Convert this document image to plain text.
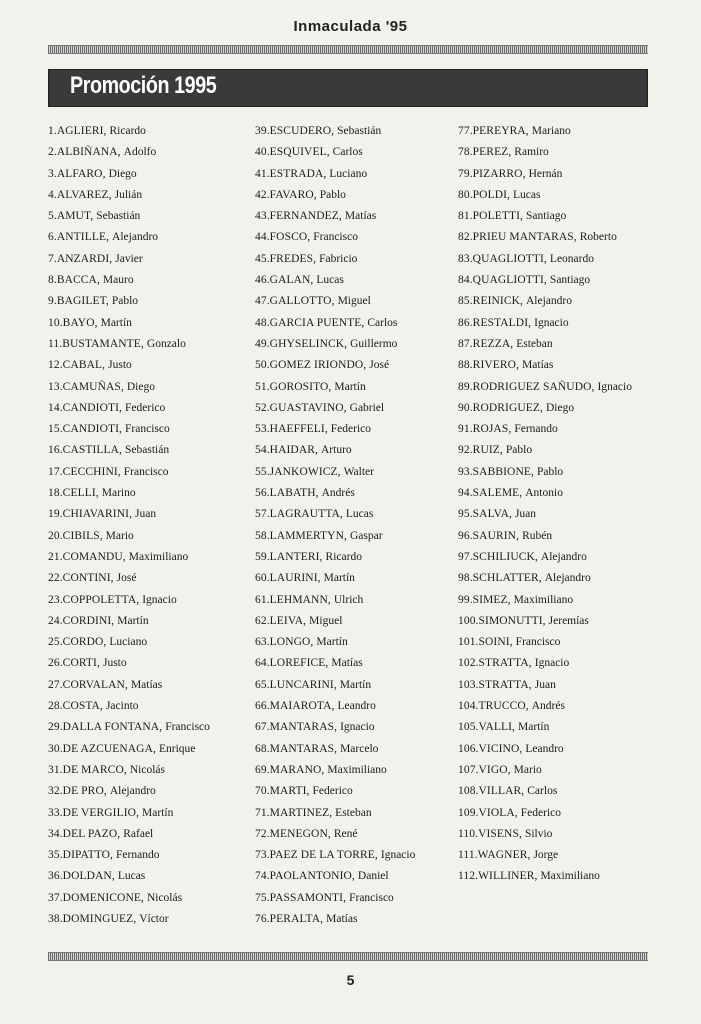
Inmaculada '95
Promoción 1995
1.AGLIERI, Ricardo
2.ALBIÑANA, Adolfo
3.ALFARO, Diego
4.ALVAREZ, Julián
5.AMUT, Sebastián
6.ANTILLE, Alejandro
7.ANZARDI, Javier
8.BACCA, Mauro
9.BAGILET, Pablo
10.BAYO, Martín
11.BUSTAMANTE, Gonzalo
12.CABAL, Justo
13.CAMUÑAS, Diego
14.CANDIOTI, Federico
15.CANDIOTI, Francisco
16.CASTILLA, Sebastián
17.CECCHINI, Francisco
18.CELLI, Marino
19.CHIAVARINI, Juan
20.CIBILS, Mario
21.COMANDU, Maximiliano
22.CONTINI, José
23.COPPOLETTA, Ignacio
24.CORDINI, Martín
25.CORDO, Luciano
26.CORTI, Justo
27.CORVALAN, Matías
28.COSTA, Jacinto
29.DALLA FONTANA, Francisco
30.DE AZCUENAGA, Enrique
31.DE MARCO, Nicolás
32.DE PRO, Alejandro
33.DE VERGILIO, Martín
34.DEL PAZO, Rafael
35.DIPATTO, Fernando
36.DOLDAN, Lucas
37.DOMENICONE, Nicolás
38.DOMINGUEZ, Víctor
39.ESCUDERO, Sebastián
40.ESQUIVEL, Carlos
41.ESTRADA, Luciano
42.FAVARO, Pablo
43.FERNANDEZ, Matías
44.FOSCO, Francisco
45.FREDES, Fabricio
46.GALAN, Lucas
47.GALLOTTO, Miguel
48.GARCIA PUENTE, Carlos
49.GHYSELINCK, Guillermo
50.GOMEZ IRIONDO, José
51.GOROSITO, Martín
52.GUASTAVINO, Gabriel
53.HAEFFELI, Federico
54.HAIDAR, Arturo
55.JANKOWICZ, Walter
56.LABATH, Andrés
57.LAGRAUTTA, Lucas
58.LAMMERTYN, Gaspar
59.LANTERI, Ricardo
60.LAURINI, Martín
61.LEHMANN, Ulrich
62.LEIVA, Miguel
63.LONGO, Martín
64.LOREFICE, Matías
65.LUNCARINI, Martín
66.MAIAROTA, Leandro
67.MANTARAS, Ignacio
68.MANTARAS, Marcelo
69.MARANO, Maximiliano
70.MARTI, Federico
71.MARTINEZ, Esteban
72.MENEGON, René
73.PAEZ DE LA TORRE, Ignacio
74.PAOLANTONIO, Daniel
75.PASSAMONTI, Francisco
76.PERALTA, Matías
77.PEREYRA, Mariano
78.PEREZ, Ramiro
79.PIZARRO, Hernán
80.POLDI, Lucas
81.POLETTI, Santiago
82.PRIEU MANTARAS, Roberto
83.QUAGLIOTTI, Leonardo
84.QUAGLIOTTI, Santiago
85.REINICK, Alejandro
86.RESTALDI, Ignacio
87.REZZA, Esteban
88.RIVERO, Matías
89.RODRIGUEZ SAÑUDO, Ignacio
90.RODRIGUEZ, Diego
91.ROJAS, Fernando
92.RUIZ, Pablo
93.SABBIONE, Pablo
94.SALEME, Antonio
95.SALVA, Juan
96.SAURIN, Rubén
97.SCHILIUCK, Alejandro
98.SCHLATTER, Alejandro
99.SIMEZ, Maximiliano
100.SIMONUTTI, Jeremías
101.SOINI, Francisco
102.STRATTA, Ignacio
103.STRATTA, Juan
104.TRUCCO, Andrés
105.VALLI, Martín
106.VICINO, Leandro
107.VIGO, Mario
108.VILLAR, Carlos
109.VIOLA, Federico
110.VISENS, Silvio
111.WAGNER, Jorge
112.WILLINER, Maximiliano
5
